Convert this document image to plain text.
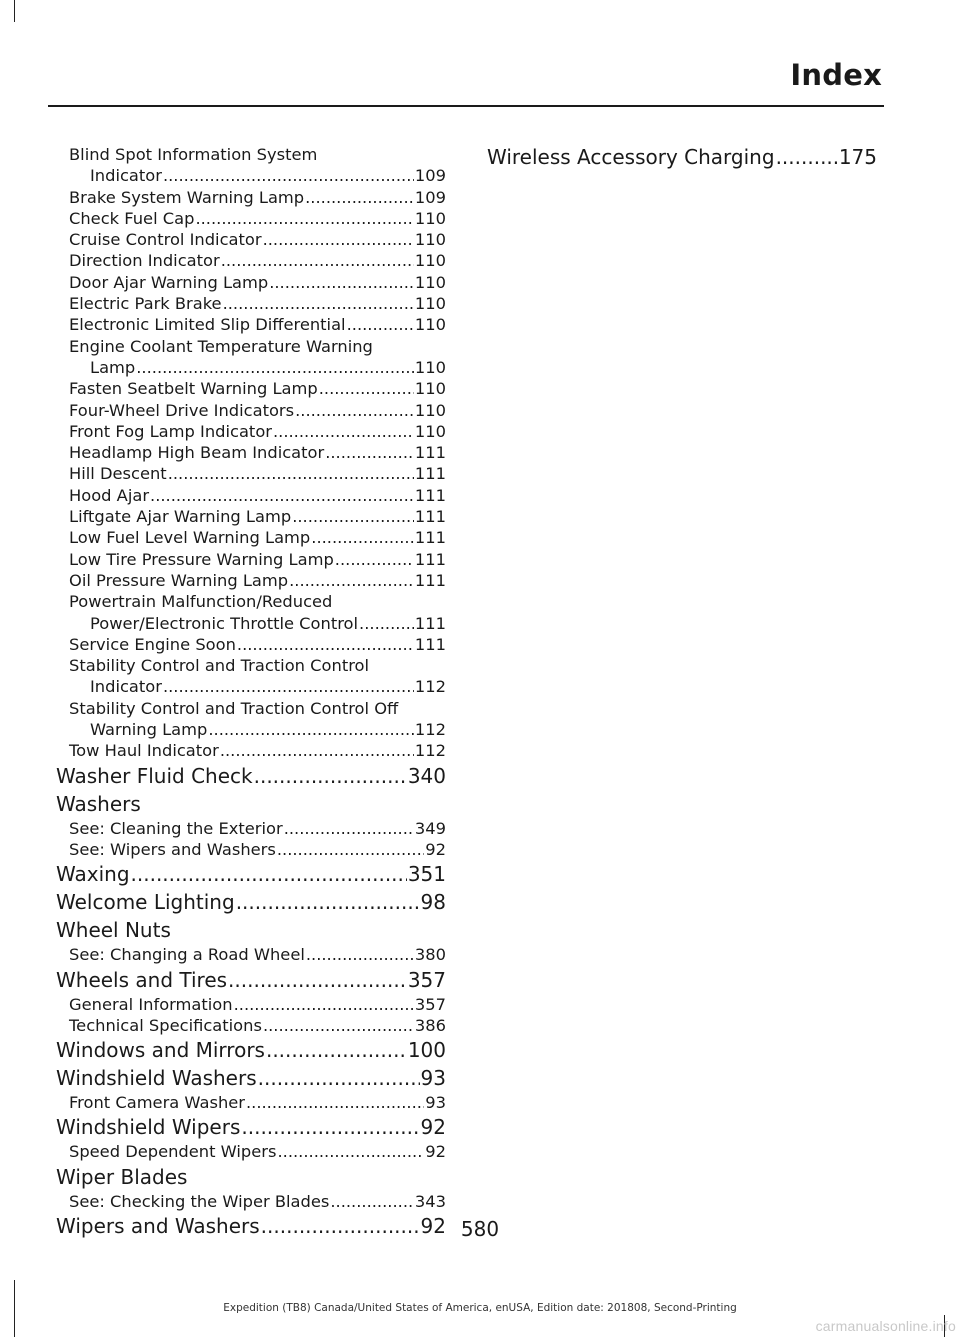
Index
Blind Spot Information System
Indicator .....	109
Brake System Warning Lamp .....	109
Check Fuel Cap .....	110
Cruise Control Indicator .....	110
Direction Indicator .....	110
Door Ajar Warning Lamp .....	110
Electric Park Brake .....	110
Electronic Limited Slip Differential .....	110
Engine Coolant Temperature Warning
Lamp .....	110
Fasten Seatbelt Warning Lamp .....	110
Four-Wheel Drive Indicators .....	110
Front Fog Lamp Indicator .....	110
Headlamp High Beam Indicator .....	111
Hill Descent .....	111
Hood Ajar .....	111
Liftgate Ajar Warning Lamp .....	111
Low Fuel Level Warning Lamp .....	111
Low Tire Pressure Warning Lamp .....	111
Oil Pressure Warning Lamp .....	111
Powertrain Malfunction/Reduced
Power/Electronic Throttle Control .....	111
Service Engine Soon .....	111
Stability Control and Traction Control
Indicator .....	112
Stability Control and Traction Control Off
Warning Lamp .....	112
Tow Haul Indicator .....	112
Washer Fluid Check .....	340
Washers
See: Cleaning the Exterior .....	349
See: Wipers and Washers .....	92
Waxing .....	351
Welcome Lighting .....	98
Wheel Nuts
See: Changing a Road Wheel .....	380
Wheels and Tires .....	357
General Information .....	357
Technical Specifications .....	386
Windows and Mirrors .....	100
Windshield Washers .....	93
Front Camera Washer .....	93
Windshield Wipers .....	92
Speed Dependent Wipers .....	92
Wiper Blades
See: Checking the Wiper Blades .....	343
Wipers and Washers .....	92
Wireless Accessory Charging .....	175
580
Expedition (TB8) Canada/United States of America, enUSA, Edition date: 201808, Second-Printing
carmanualsonline.info
